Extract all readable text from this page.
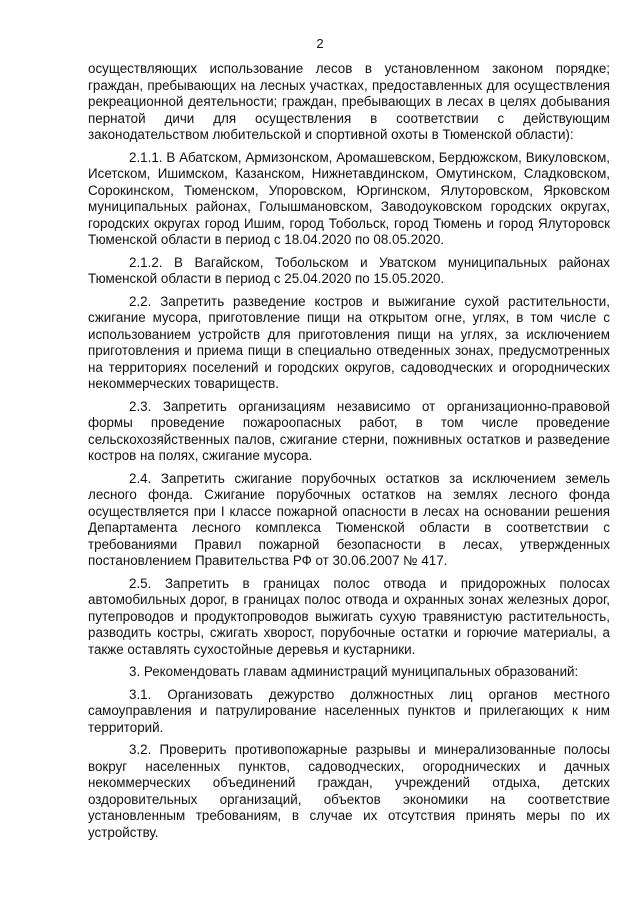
2

осуществляющих использование лесов в установленном законом порядке; граждан, пребывающих на лесных участках, предоставленных для осуществления рекреационной деятельности; граждан, пребывающих в лесах в целях добывания пернатой дичи для осуществления в соответствии с действующим законодательством любительской и спортивной охоты в Тюменской области):

2.1.1. В Абатском, Армизонском, Аромашевском, Бердюжском, Викуловском, Исетском, Ишимском, Казанском, Нижнетавдинском, Омутинском, Сладковском, Сорокинском, Тюменском, Упоровском, Юргинском, Ялуторовском, Ярковском муниципальных районах, Голышмановском, Заводоуковском городских округах, городских округах город Ишим, город Тобольск, город Тюмень и город Ялуторовск Тюменской области в период с 18.04.2020 по 08.05.2020.

2.1.2. В Вагайском, Тобольском и Уватском муниципальных районах Тюменской области в период с 25.04.2020 по 15.05.2020.

2.2. Запретить разведение костров и выжигание сухой растительности, сжигание мусора, приготовление пищи на открытом огне, углях, в том числе с использованием устройств для приготовления пищи на углях, за исключением приготовления и приема пищи в специально отведенных зонах, предусмотренных на территориях поселений и городских округов, садоводческих и огороднических некоммерческих товариществ.

2.3. Запретить организациям независимо от организационно-правовой формы проведение пожароопасных работ, в том числе проведение сельскохозяйственных палов, сжигание стерни, пожнивных остатков и разведение костров на полях, сжигание мусора.

2.4. Запретить сжигание порубочных остатков за исключением земель лесного фонда. Сжигание порубочных остатков на землях лесного фонда осуществляется при I классе пожарной опасности в лесах на основании решения Департамента лесного комплекса Тюменской области в соответствии с требованиями Правил пожарной безопасности в лесах, утвержденных постановлением Правительства РФ от 30.06.2007 № 417.

2.5. Запретить в границах полос отвода и придорожных полосах автомобильных дорог, в границах полос отвода и охранных зонах железных дорог, путепроводов и продуктопроводов выжигать сухую травянистую растительность, разводить костры, сжигать хворост, порубочные остатки и горючие материалы, а также оставлять сухостойные деревья и кустарники.

3. Рекомендовать главам администраций муниципальных образований:

3.1. Организовать дежурство должностных лиц органов местного самоуправления и патрулирование населенных пунктов и прилегающих к ним территорий.

3.2. Проверить противопожарные разрывы и минерализованные полосы вокруг населенных пунктов, садоводческих, огороднических и дачных некоммерческих объединений граждан, учреждений отдыха, детских оздоровительных организаций, объектов экономики на соответствие установленным требованиям, в случае их отсутствия принять меры по их устройству.
